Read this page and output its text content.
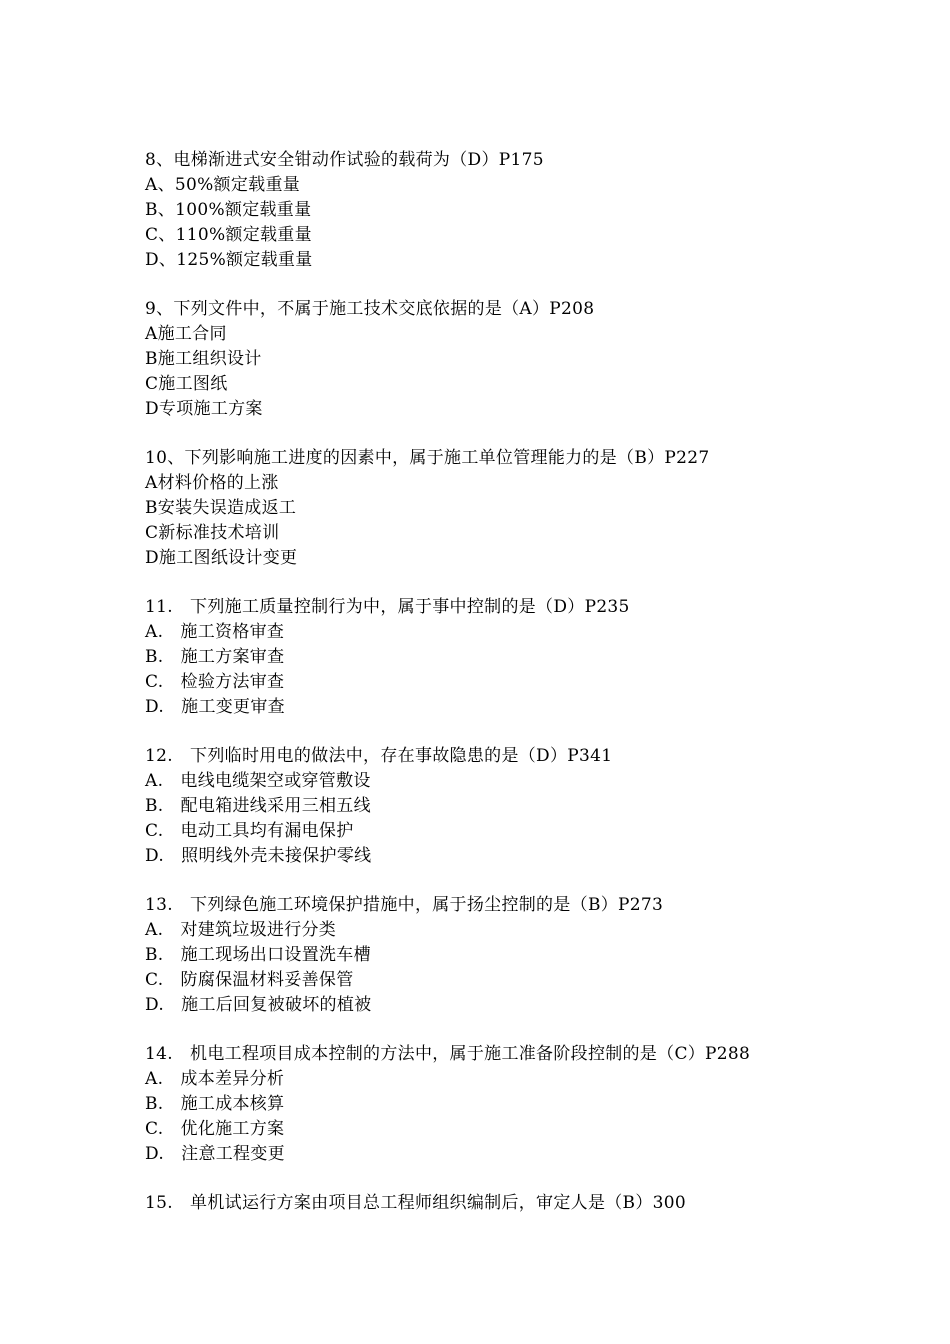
8、电梯渐进式安全钳动作试验的载荷为（D）P175
A、50%额定载重量
B、100%额定载重量
C、110%额定载重量
D、125%额定载重量
9、下列文件中，不属于施工技术交底依据的是（A）P208
A施工合同
B施工组织设计
C施工图纸
D专项施工方案
10、下列影响施工进度的因素中，属于施工单位管理能力的是（B）P227
A材料价格的上涨
B安装失误造成返工
C新标准技术培训
D施工图纸设计变更
11.   下列施工质量控制行为中，属于事中控制的是（D）P235
A.   施工资格审查
B.   施工方案审查
C.   检验方法审查
D.   施工变更审查
12.   下列临时用电的做法中，存在事故隐患的是（D）P341
A.   电线电缆架空或穿管敷设
B.   配电箱进线采用三相五线
C.   电动工具均有漏电保护
D.   照明线外壳未接保护零线
13.   下列绿色施工环境保护措施中，属于扬尘控制的是（B）P273
A.   对建筑垃圾进行分类
B.   施工现场出口设置洗车槽
C.   防腐保温材料妥善保管
D.   施工后回复被破坏的植被
14.   机电工程项目成本控制的方法中，属于施工准备阶段控制的是（C）P288
A.   成本差异分析
B.   施工成本核算
C.   优化施工方案
D.   注意工程变更
15.   单机试运行方案由项目总工程师组织编制后，审定人是（B）300
